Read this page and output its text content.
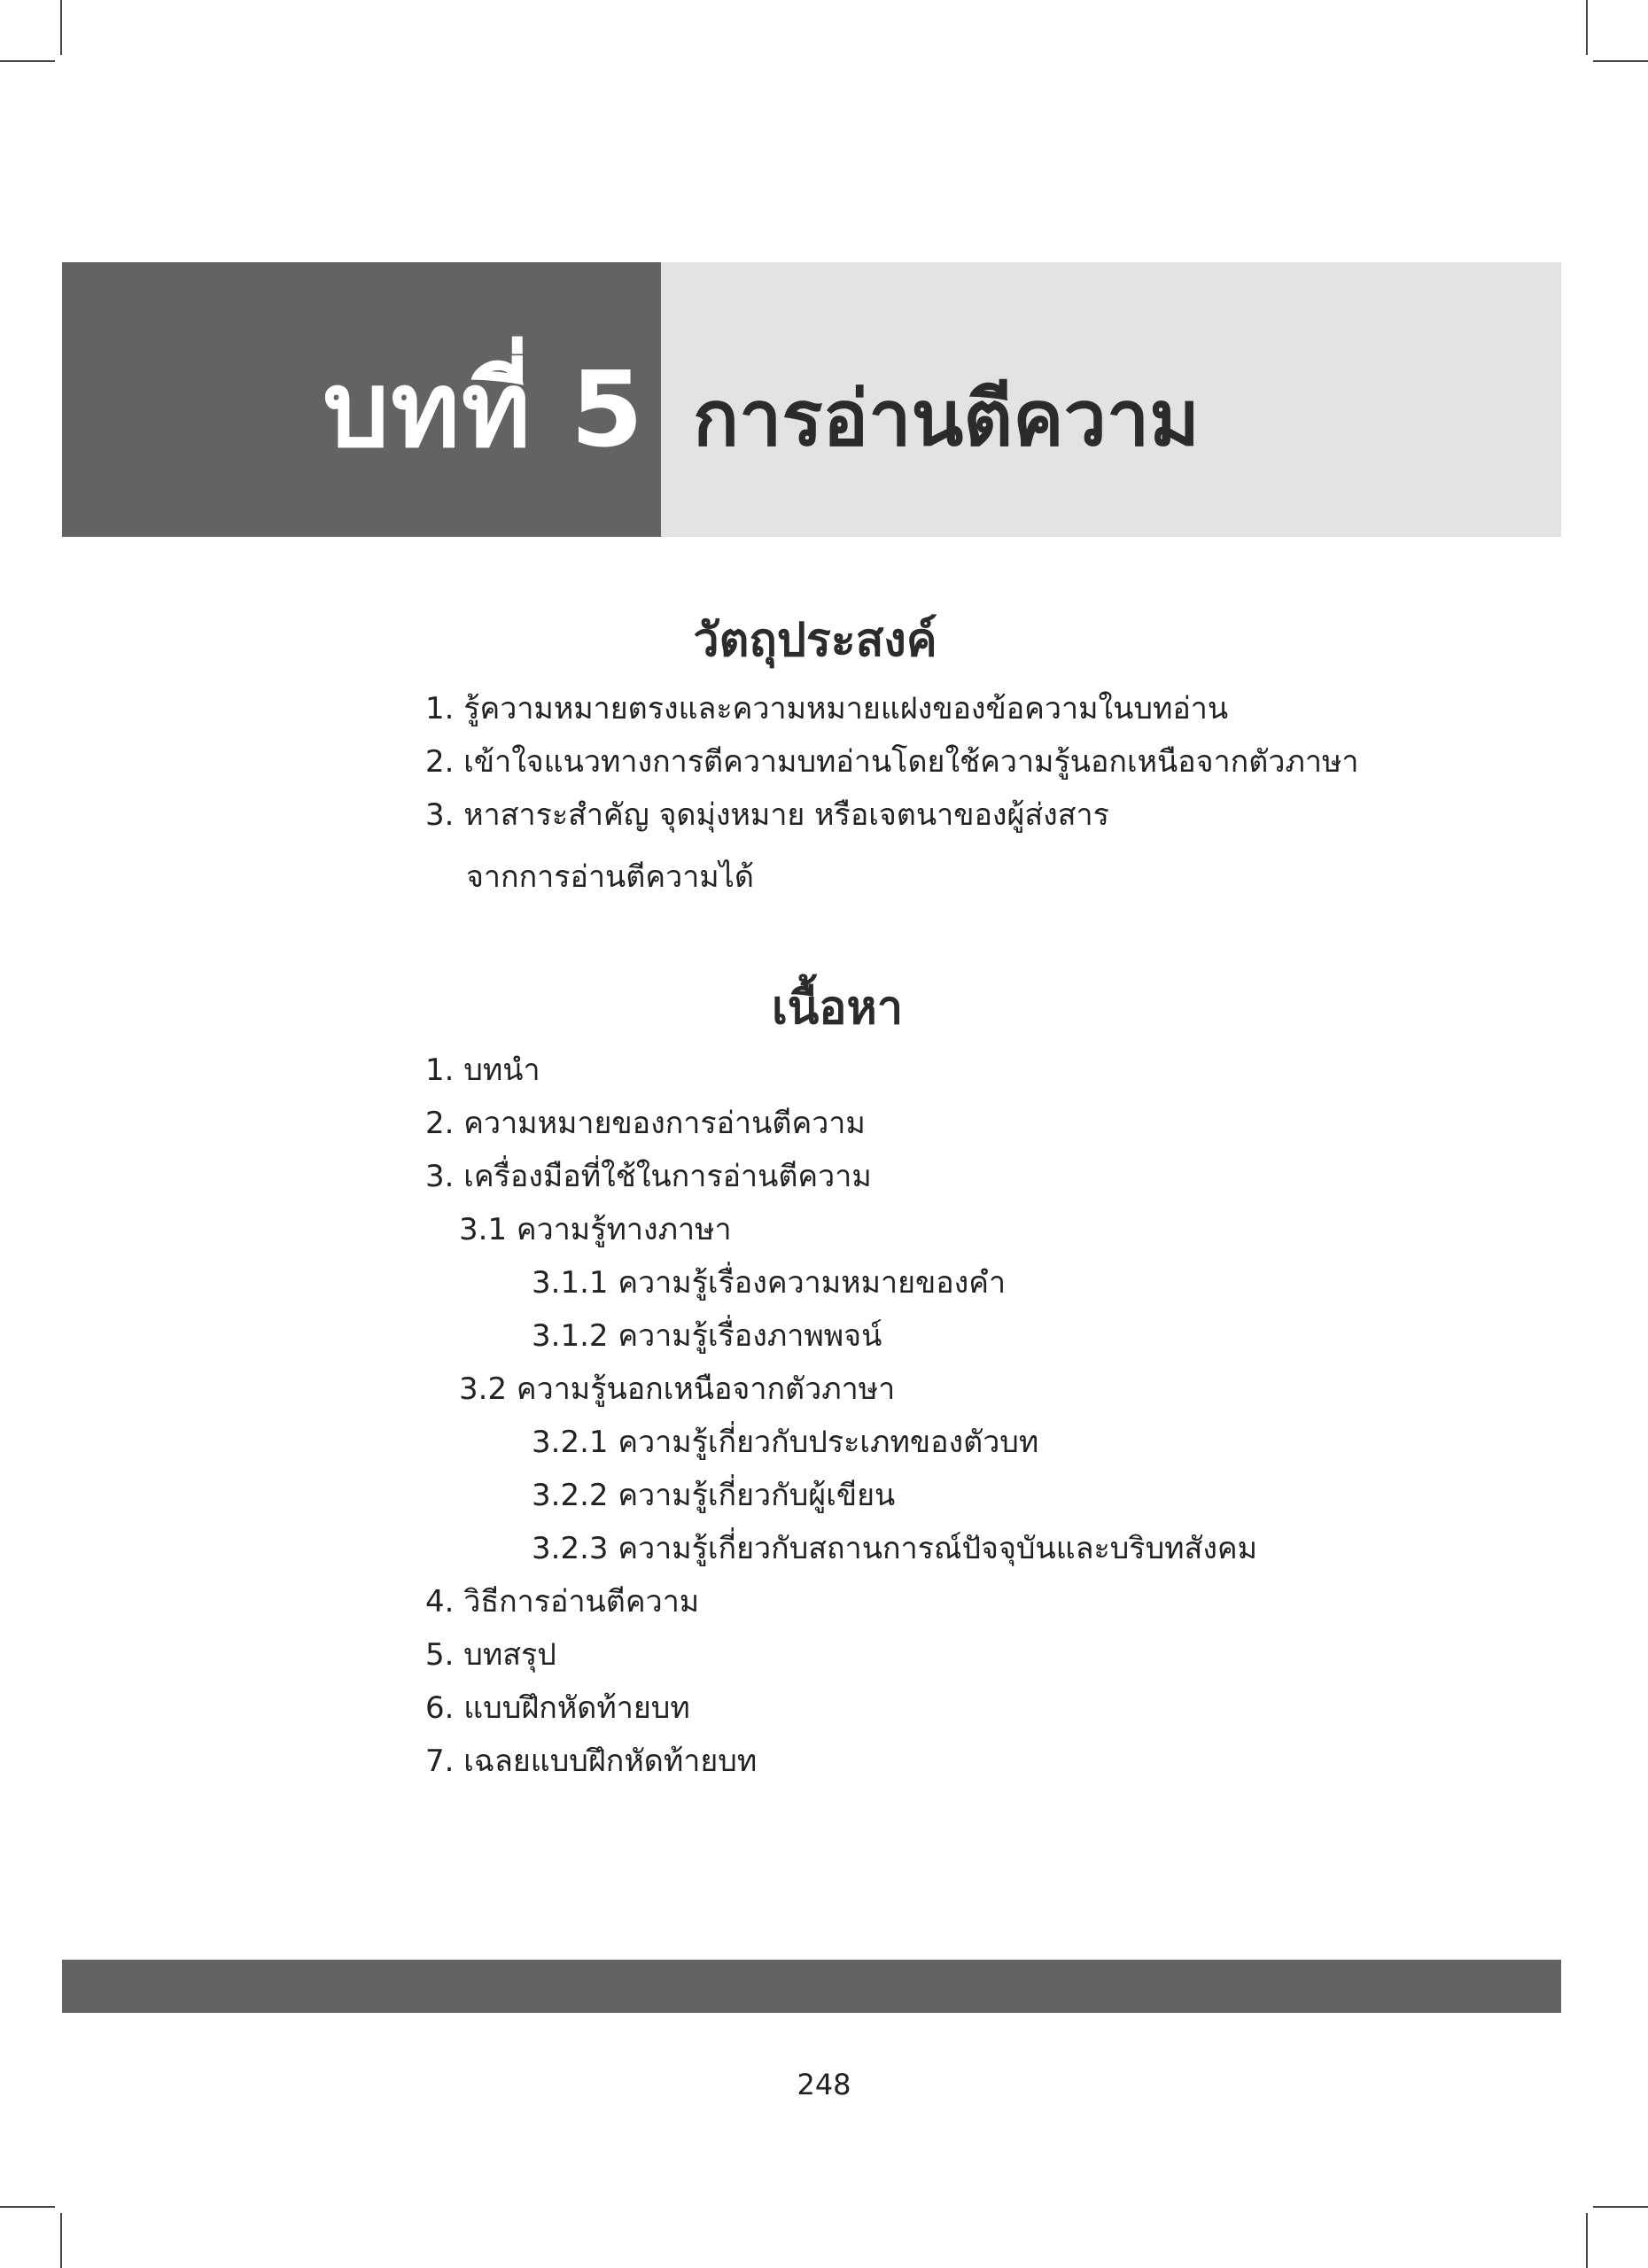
บทที่ 5 การอ่านตีความ
วัตถุประสงค์
1. รู้ความหมายตรงและความหมายแฝงของข้อความในบทอ่าน
2. เข้าใจแนวทางการตีความบทอ่านโดยใช้ความรู้นอกเหนือจากตัวภาษา
3. หาสาระสำคัญ จุดมุ่งหมาย หรือเจตนาของผู้ส่งสาร
จากการอ่านตีความได้
เนื้อหา
1. บทนำ
2. ความหมายของการอ่านตีความ
3. เครื่องมือที่ใช้ในการอ่านตีความ
3.1 ความรู้ทางภาษา
3.1.1 ความรู้เรื่องความหมายของคำ
3.1.2 ความรู้เรื่องภาพพจน์
3.2 ความรู้นอกเหนือจากตัวภาษา
3.2.1 ความรู้เกี่ยวกับประเภทของตัวบท
3.2.2 ความรู้เกี่ยวกับผู้เขียน
3.2.3 ความรู้เกี่ยวกับสถานการณ์ปัจจุบันและบริบทสังคม
4. วิธีการอ่านตีความ
5. บทสรุป
6. แบบฝึกหัดท้ายบท
7. เฉลยแบบฝึกหัดท้ายบท
248
